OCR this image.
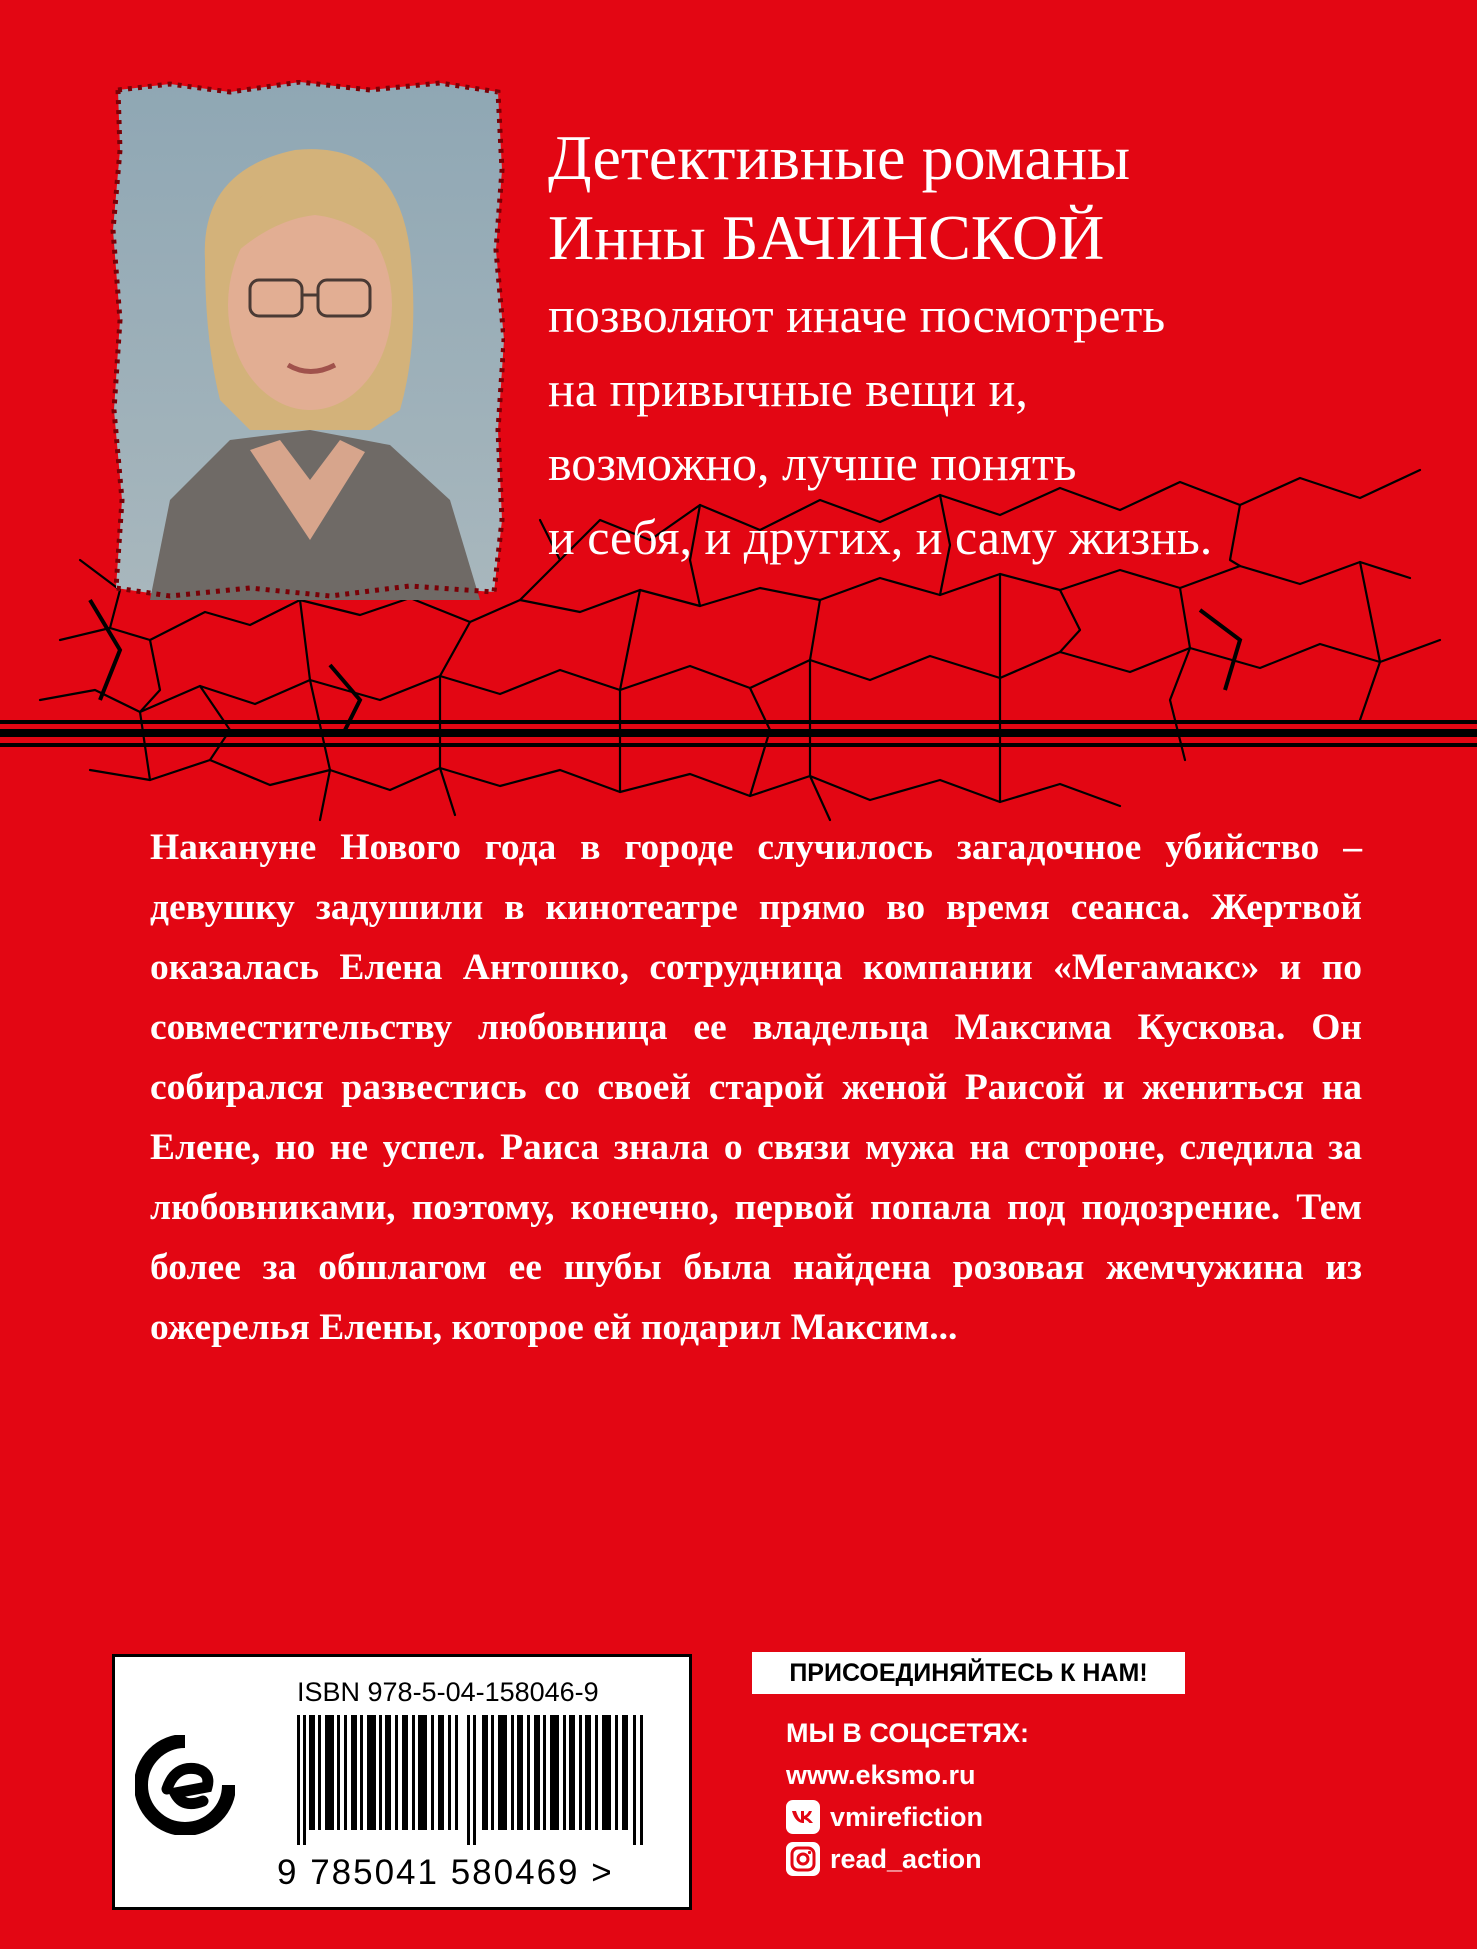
Детективные романы
Инны БАЧИНСКОЙ
позволяют иначе посмотреть
на привычные вещи и,
возможно, лучше понять
и себя, и других, и саму жизнь.

Накануне Нового года в городе случилось загадочное убийство – девушку задушили в кинотеатре прямо во время сеанса. Жертвой оказалась Елена Антошко, сотрудница компании «Мегамакс» и по совместительству любовница ее владельца Максима Кускова. Он собирался развестись со своей старой женой Раисой и жениться на Елене, но не успел. Раиса знала о связи мужа на стороне, следила за любовниками, поэтому, конечно, первой попала под подозрение. Тем более за обшлагом ее шубы была найдена розовая жемчужина из ожерелья Елены, которое ей подарил Максим...

ISBN 978-5-04-158046-9
9 785041 580469 >
ПРИСОЕДИНЯЙТЕСЬ К НАМ!
МЫ В СОЦСЕТЯХ:
www.eksmo.ru
vmirefiction
read_action
